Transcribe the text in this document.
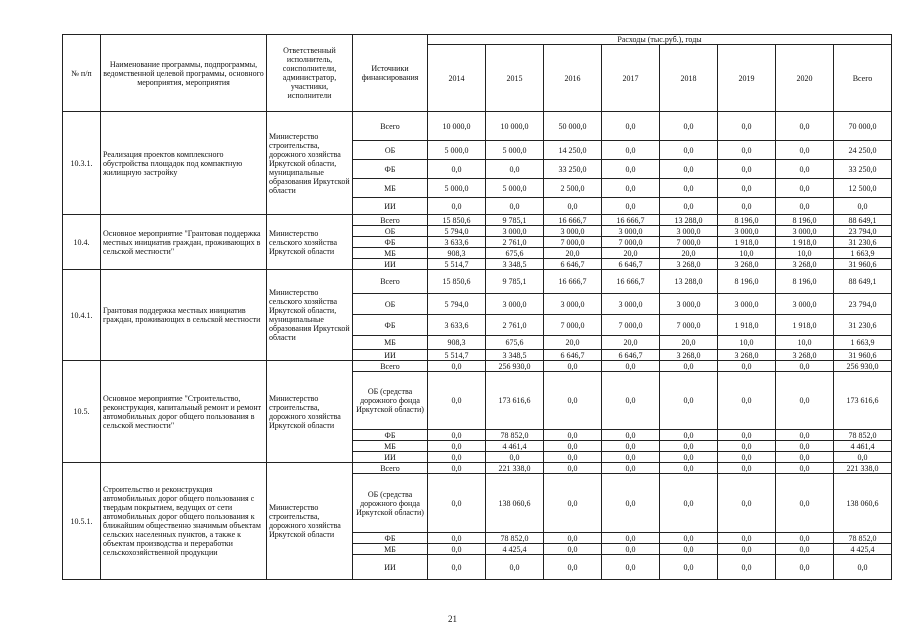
№ п/п	Наименование программы, подпрограммы, ведомственной целевой программы, основного мероприятия, мероприятия	Ответственный исполнитель, соисполнители, администратор, участники, исполнители	Источники финансирования	Расходы (тыс.руб.), годы							
				2014	2015	2016	2017	2018	2019	2020	Всего
10.3.1.	Реализация проектов комплексного обустройства площадок под компактную жилищную застройку	Министерство строительства, дорожного хозяйства Иркутской области, муниципальные образования Иркутской области	Всего	10 000,0	10 000,0	50 000,0	0,0	0,0	0,0	0,0	70 000,0
			ОБ	5 000,0	5 000,0	14 250,0	0,0	0,0	0,0	0,0	24 250,0
			ФБ	0,0	0,0	33 250,0	0,0	0,0	0,0	0,0	33 250,0
			МБ	5 000,0	5 000,0	2 500,0	0,0	0,0	0,0	0,0	12 500,0
			ИИ	0,0	0,0	0,0	0,0	0,0	0,0	0,0	0,0
10.4.	Основное мероприятие "Грантовая поддержка местных инициатив граждан, проживающих в сельской местности"	Министерство сельского хозяйства Иркутской области	Всего	15 850,6	9 785,1	16 666,7	16 666,7	13 288,0	8 196,0	8 196,0	88 649,1
			ОБ	5 794,0	3 000,0	3 000,0	3 000,0	3 000,0	3 000,0	3 000,0	23 794,0
			ФБ	3 633,6	2 761,0	7 000,0	7 000,0	7 000,0	1 918,0	1 918,0	31 230,6
			МБ	908,3	675,6	20,0	20,0	20,0	10,0	10,0	1 663,9
			ИИ	5 514,7	3 348,5	6 646,7	6 646,7	3 268,0	3 268,0	3 268,0	31 960,6
10.4.1.	Грантовая поддержка местных инициатив граждан, проживающих в сельской местности	Министерство сельского хозяйства Иркутской области, муниципальные образования Иркутской области	Всего	15 850,6	9 785,1	16 666,7	16 666,7	13 288,0	8 196,0	8 196,0	88 649,1
			ОБ	5 794,0	3 000,0	3 000,0	3 000,0	3 000,0	3 000,0	3 000,0	23 794,0
			ФБ	3 633,6	2 761,0	7 000,0	7 000,0	7 000,0	1 918,0	1 918,0	31 230,6
			МБ	908,3	675,6	20,0	20,0	20,0	10,0	10,0	1 663,9
			ИИ	5 514,7	3 348,5	6 646,7	6 646,7	3 268,0	3 268,0	3 268,0	31 960,6
10.5.	Основное мероприятие "Строительство, реконструкция, капитальный ремонт и ремонт автомобильных дорог общего пользования в сельской местности"	Министерство строительства, дорожного хозяйства Иркутской области	Всего	0,0	256 930,0	0,0	0,0	0,0	0,0	0,0	256 930,0
			ОБ (средства дорожного фонда Иркутской области)	0,0	173 616,6	0,0	0,0	0,0	0,0	0,0	173 616,6
			ФБ	0,0	78 852,0	0,0	0,0	0,0	0,0	0,0	78 852,0
			МБ	0,0	4 461,4	0,0	0,0	0,0	0,0	0,0	4 461,4
			ИИ	0,0	0,0	0,0	0,0	0,0	0,0	0,0	0,0
10.5.1.	Строительство и реконструкция автомобильных дорог общего пользования с твердым покрытием, ведущих от сети автомобильных дорог общего пользования к ближайшим общественно значимым объектам сельских населенных пунктов, а также к объектам производства и переработки сельскохозяйственной продукции	Министерство строительства, дорожного хозяйства Иркутской области	Всего	0,0	221 338,0	0,0	0,0	0,0	0,0	0,0	221 338,0
			ОБ (средства дорожного фонда Иркутской области)	0,0	138 060,6	0,0	0,0	0,0	0,0	0,0	138 060,6
			ФБ	0,0	78 852,0	0,0	0,0	0,0	0,0	0,0	78 852,0
			МБ	0,0	4 425,4	0,0	0,0	0,0	0,0	0,0	4 425,4
			ИИ	0,0	0,0	0,0	0,0	0,0	0,0	0,0	0,0
21
